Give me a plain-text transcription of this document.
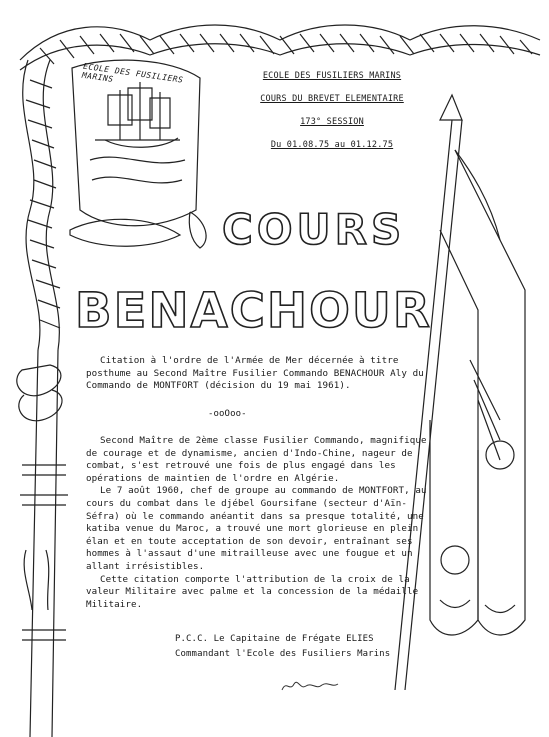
ECOLE DES FUSILIERS MARINS	ECOLE DES FUSILIERS MARINS
COURS DU BREVET ELEMENTAIRE
173° SESSION
Du 01.08.75 au 01.12.75
COURS
BENACHOUR

Citation à l'ordre de l'Armée de Mer décernée à titre posthume au Second Maître Fusilier Commando BENACHOUR Aly du Commando de MONTFORT (décision du 19 mai 1961).

-ooOoo-

Second Maître de 2ème classe Fusilier Commando, magnifique de courage et de dynamisme, ancien d'Indo-Chine, nageur de combat, s'est retrouvé une fois de plus engagé dans les opérations de maintien de l'ordre en Algérie.

Le 7 août 1960, chef de groupe au commando de MONTFORT, au cours du combat dans le djébel Goursifane (secteur d'Aïn-Séfra) où le commando anéantit dans sa presque totalité, une katiba venue du Maroc, a trouvé une mort glorieuse en plein élan et en toute acceptation de son devoir, entraînant ses hommes à l'assaut d'une mitrailleuse avec une fougue et un allant irrésistibles.

Cette citation comporte l'attribution de la croix de la valeur Militaire avec palme et la concession de la médaille Militaire.

P.C.C. Le Capitaine de Frégate ELIES
Commandant l'Ecole des Fusiliers Marins
